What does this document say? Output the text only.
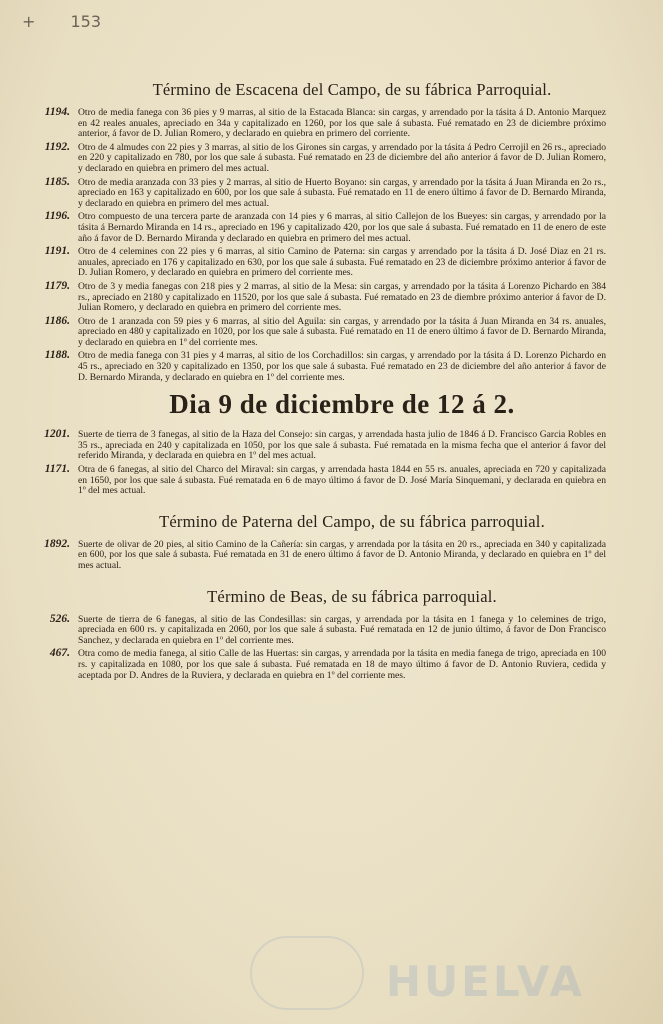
+ 153
Término de Escacena del Campo, de su fábrica Parroquial.
1194. Otro de media fanega con 36 pies y 9 marras, al sitio de la Estacada Blanca: sin cargas, y arrendado por la tásita á D. Antonio Marquez en 42 reales anuales, apreciado en 34a y capitalizado en 1260, por los que sale á subasta. Fué rematado en 23 de diciembre próximo anterior, á favor de D. Julian Romero, y declarado en quiebra en primero del corriente.

1192. Otro de 4 almudes con 22 pies y 3 marras, al sitio de los Girones sin cargas, y arrendado por la tásita á Pedro Cerrojil en 26 rs., apreciado en 220 y capitalizado en 780, por los que sale á subasta. Fué rematado en 23 de diciembre del año anterior á favor de D. Julian Romero, y declarado en quiebra en primero del mes actual.

1185. Otro de media aranzada con 33 pies y 2 marras, al sitio de Huerto Boyano: sin cargas, y arrendado por la tásita á Juan Miranda en 2o rs., apreciado en 163 y capitalizado en 600, por los que sale á subasta. Fué rematado en 11 de enero último á favor de D. Bernardo Miranda, y declarado en quiebra en primero del mes actual.

1196. Otro compuesto de una tercera parte de aranzada con 14 pies y 6 marras, al sitio Callejon de los Bueyes: sin cargas, y arrendado por la tásita á Bernardo Miranda en 14 rs., apreciado en 196 y capitalizado 420, por los que sale á subasta. Fué rematado en 11 de enero de este año á favor de D. Bernardo Miranda y declarado en quiebra en primero del mes actual.

1191. Otro de 4 celemines con 22 pies y 6 marras, al sitio Camino de Paterna: sin cargas y arrendado por la tásita á D. José Diaz en 21 rs. anuales, apreciado en 176 y capitalizado en 630, por los que sale á subasta. Fué rematado en 23 de diciembre próximo anterior á favor de D. Julian Romero, y declarado en quiebra en primero del corriente mes.

1179. Otro de 3 y media fanegas con 218 pies y 2 marras, al sitio de la Mesa: sin cargas, y arrendado por la tásita á Lorenzo Pichardo en 384 rs., apreciado en 2180 y capitalizado en 11520, por los que sale á subasta. Fué rematado en 23 de diembre próximo anterior á favor de D. Julian Romero, y declarado en quiebra en primero del corriente mes.

1186. Otro de 1 aranzada con 59 pies y 6 marras, al sitio del Aguila: sin cargas, y arrendado por la tásita á Juan Miranda en 34 rs. anuales, apreciado en 480 y capitalizado en 1020, por los que sale á subasta. Fué rematado en 11 de enero último á favor de D. Bernardo Miranda, y declarado en quiebra en 1º del corriente mes.

1188. Otro de media fanega con 31 pies y 4 marras, al sitio de los Corchadillos: sin cargas, y arrendado por la tásita á D. Lorenzo Pichardo en 45 rs., apreciado en 320 y capitalizado en 1350, por los que sale á subasta. Fué rematado en 23 de diciembre del año anterior á favor de D. Bernardo Miranda, y declarado en quiebra en 1º del corriente mes.

Dia 9 de diciembre de 12 á 2.
1201. Suerte de tierra de 3 fanegas, al sitio de la Haza del Consejo: sin cargas, y arrendada hasta julio de 1846 á D. Francisco Garcia Robles en 35 rs., apreciada en 240 y capitalizada en 1050, por los que sale á subasta. Fué rematada en la misma fecha que el anterior á favor del referido Miranda, y declarada en quiebra en 1º del mes actual.

1171. Otra de 6 fanegas, al sitio del Charco del Miraval: sin cargas, y arrendada hasta 1844 en 55 rs. anuales, apreciada en 720 y capitalizada en 1650, por los que sale á subasta. Fué rematada en 6 de mayo último á favor de D. José María Sinquemani, y declarada en quiebra en 1º del mes actual.

Término de Paterna del Campo, de su fábrica parroquial.
1892. Suerte de olivar de 20 pies, al sitio Camino de la Cañería: sin cargas, y arrendada por la tásita en 20 rs., apreciada en 340 y capitalizada en 600, por los que sale á subasta. Fué rematada en 31 de enero último á favor de D. Antonio Miranda, y declarado en quiebra en 1º del mes actual.

Término de Beas, de su fábrica parroquial.
526. Suerte de tierra de 6 fanegas, al sitio de las Condesillas: sin cargas, y arrendada por la tásita en 1 fanega y 1o celemines de trigo, apreciada en 600 rs. y capitalizada en 2060, por los que sale á subasta. Fué rematada en 12 de junio último, á favor de Don Francisco Sanchez, y declarada en quiebra en 1º del corriente mes.

467. Otra como de media fanega, al sitio Calle de las Huertas: sin cargas, y arrendada por la tásita en media fanega de trigo, apreciada en 100 rs. y capitalizada en 1080, por los que sale á subasta. Fué rematada en 18 de mayo último á favor de D. Antonio Ruviera, cedida y aceptada por D. Andres de la Ruviera, y declarada en quiebra en 1º del corriente mes.

HUELVA
